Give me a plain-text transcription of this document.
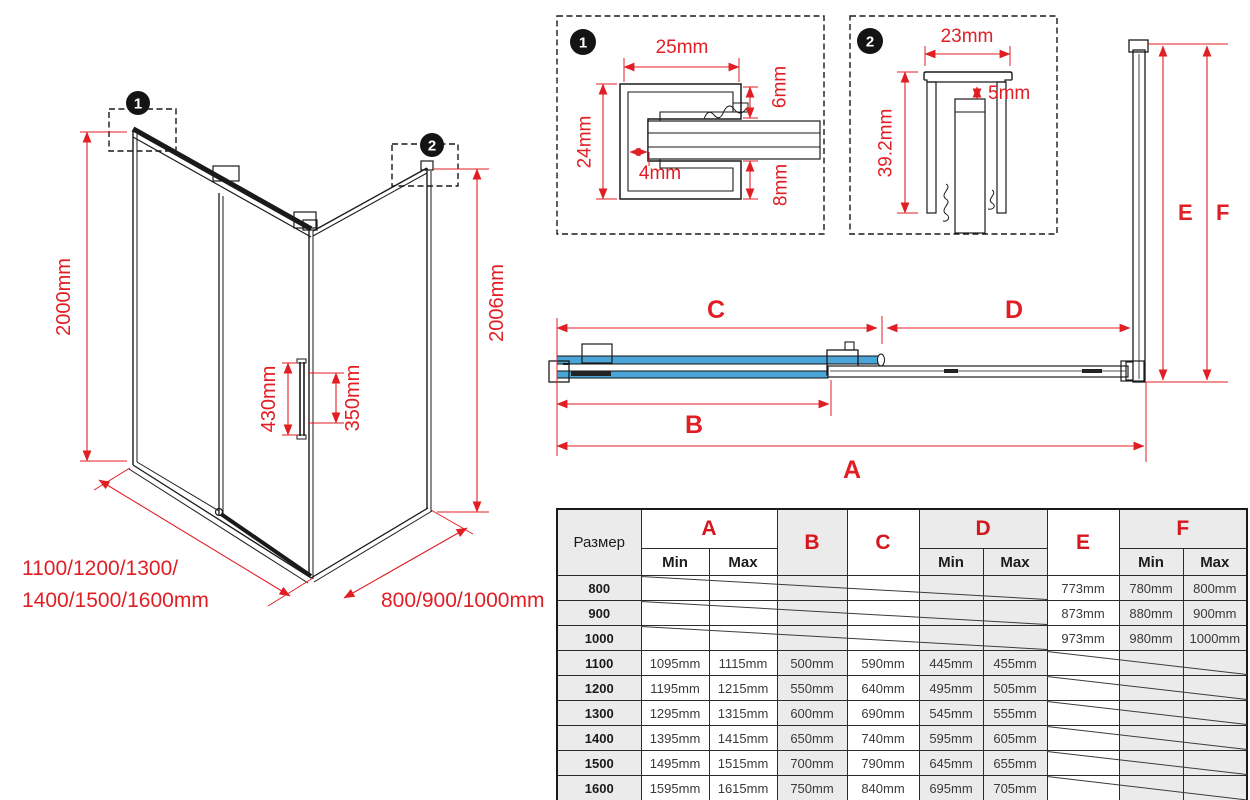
1
2
2000mm	2006mm
430mm	350mm
1100/1200/1300/
1400/1500/1600mm	800/900/1000mm
1	25mm
24mm
4mm
6mm
8mm
2	23mm
5mm
39.2mm
C	D
B
A
E F
Размер	A		B	C	D		E	F	
	Min	Max			Min	Max		Min	Max
800							773mm	780mm	800mm
900							873mm	880mm	900mm
1000							973mm	980mm	1000mm
1100	1095mm	1115mm	500mm	590mm	445mm	455mm			
1200	1195mm	1215mm	550mm	640mm	495mm	505mm			
1300	1295mm	1315mm	600mm	690mm	545mm	555mm			
1400	1395mm	1415mm	650mm	740mm	595mm	605mm			
1500	1495mm	1515mm	700mm	790mm	645mm	655mm			
1600	1595mm	1615mm	750mm	840mm	695mm	705mm			
